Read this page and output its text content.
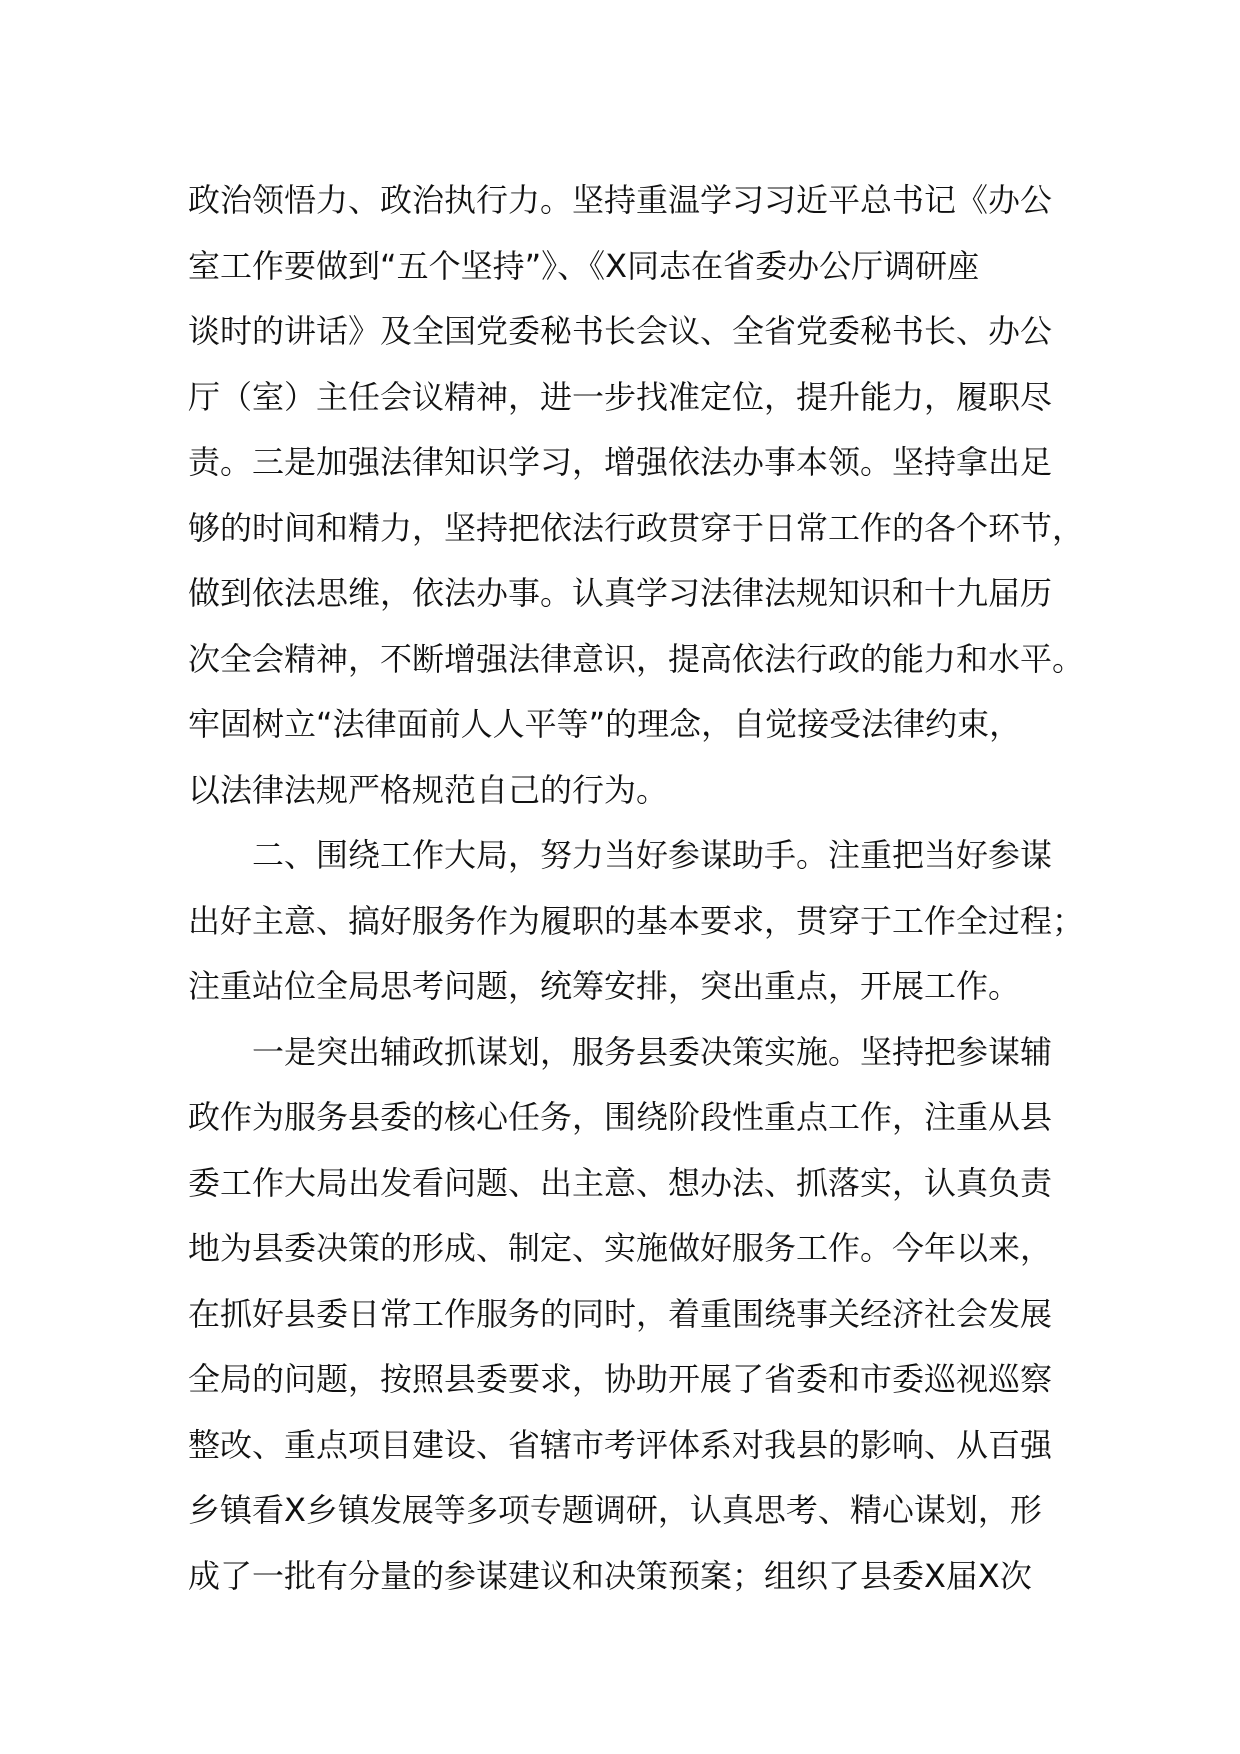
政治领悟力、政治执行力。坚持重温学习习近平总书记《办公
室工作要做到“五个坚持”》、《X同志在省委办公厅调研座
谈时的讲话》及全国党委秘书长会议、全省党委秘书长、办公
厅（室）主任会议精神，进一步找准定位，提升能力，履职尽
责。三是加强法律知识学习，增强依法办事本领。坚持拿出足
够的时间和精力，坚持把依法行政贯穿于日常工作的各个环节，
做到依法思维，依法办事。认真学习法律法规知识和十九届历
次全会精神，不断增强法律意识，提高依法行政的能力和水平。
牢固树立“法律面前人人平等”的理念，自觉接受法律约束，
以法律法规严格规范自己的行为。
二、围绕工作大局，努力当好参谋助手。注重把当好参谋
出好主意、搞好服务作为履职的基本要求，贯穿于工作全过程；
注重站位全局思考问题，统筹安排，突出重点，开展工作。
一是突出辅政抓谋划，服务县委决策实施。坚持把参谋辅
政作为服务县委的核心任务，围绕阶段性重点工作，注重从县
委工作大局出发看问题、出主意、想办法、抓落实，认真负责
地为县委决策的形成、制定、实施做好服务工作。今年以来，
在抓好县委日常工作服务的同时，着重围绕事关经济社会发展
全局的问题，按照县委要求，协助开展了省委和市委巡视巡察
整改、重点项目建设、省辖市考评体系对我县的影响、从百强
乡镇看X乡镇发展等多项专题调研，认真思考、精心谋划，形
成了一批有分量的参谋建议和决策预案；组织了县委X届X次
